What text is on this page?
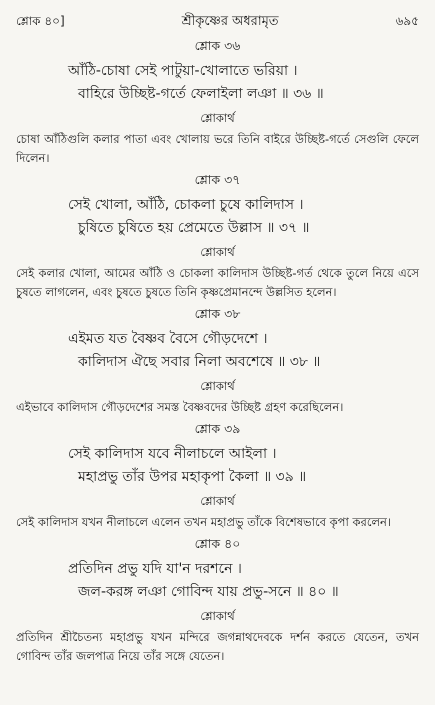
শ্লোক ৪০]	শ্রীকৃষ্ণের অধরামৃত	৬৯৫
শ্লোক ৩৬
আঁঠি-চোষা সেই পাটুয়া-খোলাতে ভরিয়া ।
বাহিরে উচ্ছিষ্ট-গর্তে ফেলাইলা লঞা ॥ ৩৬ ॥
শ্লোকার্থ
চোষা আঁঠিগুলি কলার পাতা এবং খোলায় ভরে তিনি বাইরে উচ্ছিষ্ট-গর্তে সেগুলি ফেলে দিলেন।
শ্লোক ৩৭
সেই খোলা, আঁঠি, চোকলা চুষে কালিদাস ।
চুষিতে চুষিতে হয় প্রেমেতে উল্লাস ॥ ৩৭ ॥
শ্লোকার্থ
সেই কলার খোলা, আমের আঁঠি ও চোকলা কালিদাস উচ্ছিষ্ট-গর্ত থেকে তুলে নিয়ে এসে চুষতে লাগলেন, এবং চুষতে চুষতে তিনি কৃষ্ণপ্রেমানন্দে উল্লসিত হলেন।
শ্লোক ৩৮
এইমত যত বৈষ্ণব বৈসে গৌড়দেশে ।
কালিদাস ঐছে সবার নিলা অবশেষে ॥ ৩৮ ॥
শ্লোকার্থ
এইভাবে কালিদাস গৌড়দেশের সমস্ত বৈষ্ণবদের উচ্ছিষ্ট গ্রহণ করেছিলেন।
শ্লোক ৩৯
সেই কালিদাস যবে নীলাচলে আইলা ।
মহাপ্রভু তাঁর উপর মহাকৃপা কৈলা ॥ ৩৯ ॥
শ্লোকার্থ
সেই কালিদাস যখন নীলাচলে এলেন তখন মহাপ্রভু তাঁকে বিশেষভাবে কৃপা করলেন।
শ্লোক ৪০
প্রতিদিন প্রভু যদি যা'ন দরশনে ।
জল-করঙ্গ লঞা গোবিন্দ যায় প্রভু-সনে ॥ ৪০ ॥
শ্লোকার্থ
প্রতিদিন শ্রীচৈতন্য মহাপ্রভু যখন মন্দিরে জগন্নাথদেবকে দর্শন করতে যেতেন, তখন গোবিন্দ তাঁর জলপাত্র নিয়ে তাঁর সঙ্গে যেতেন।
